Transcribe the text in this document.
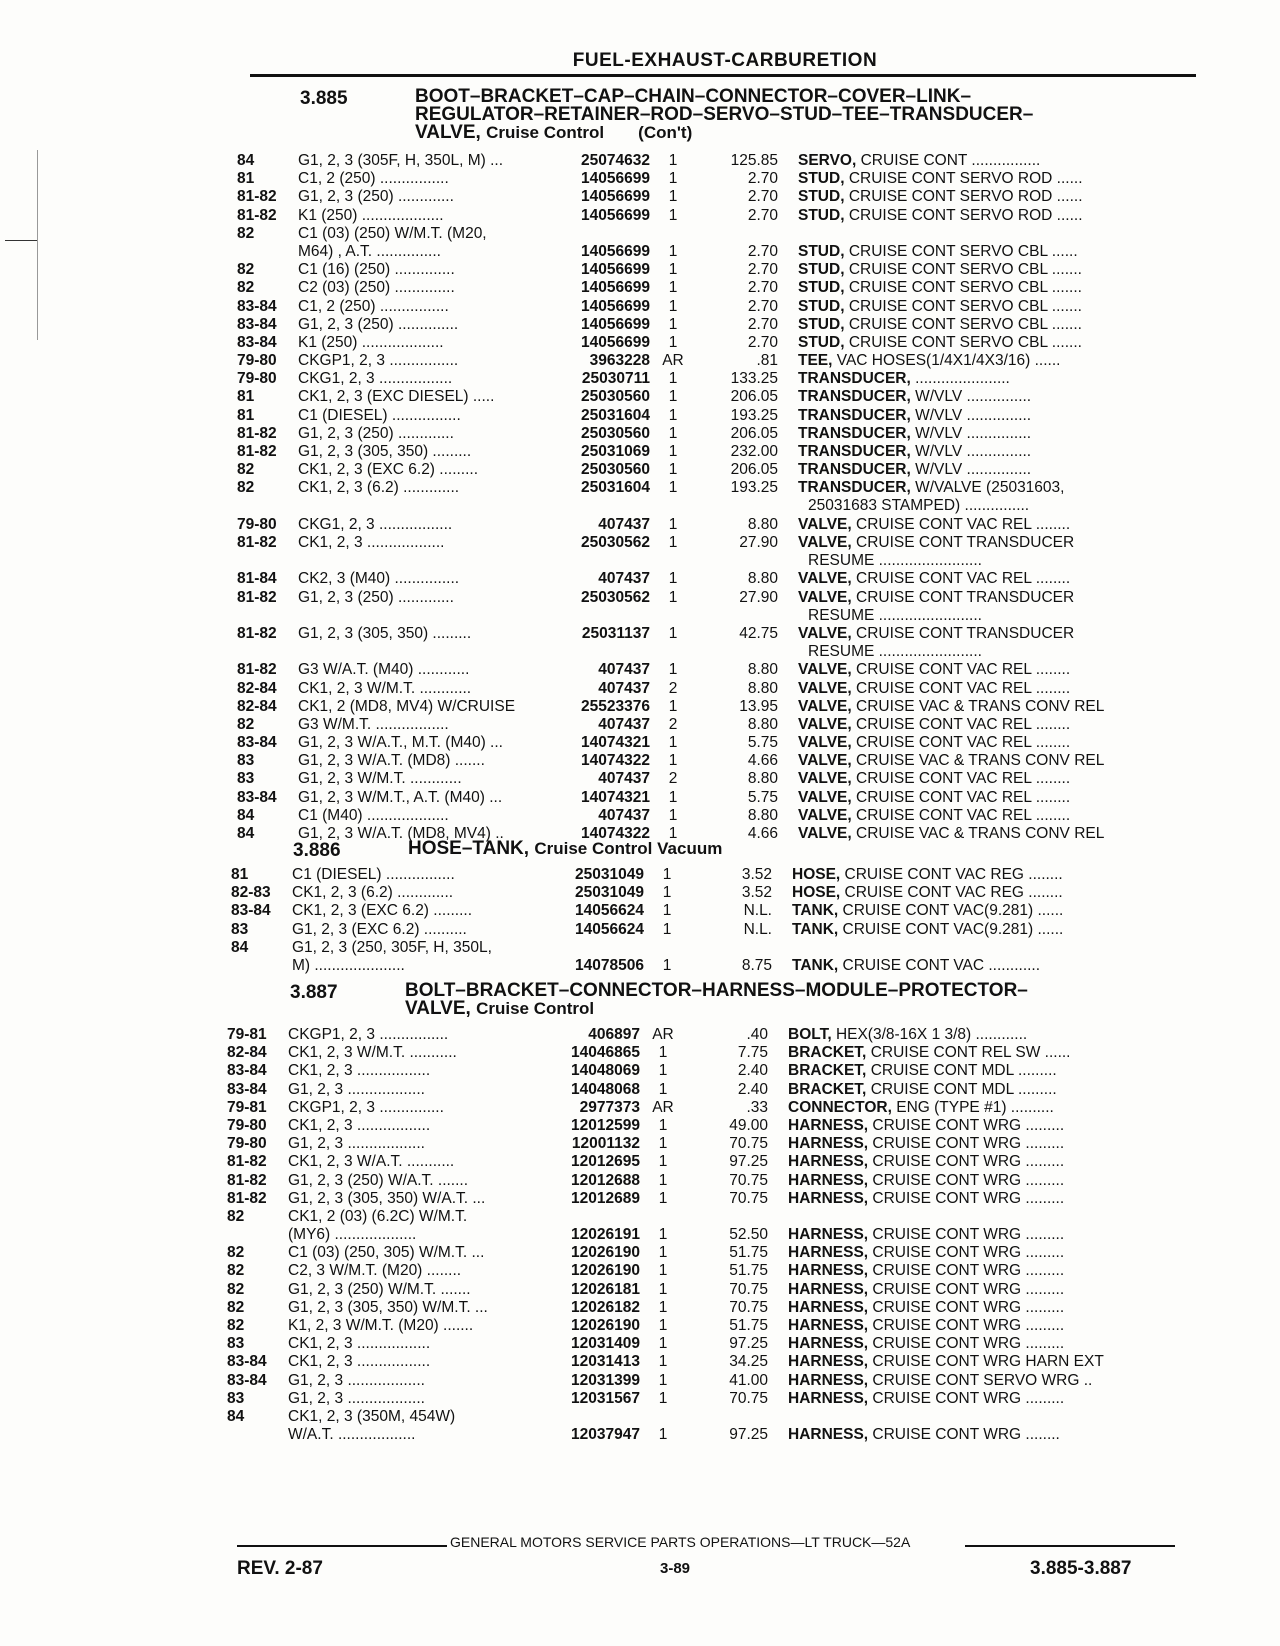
FUEL-EXHAUST-CARBURETION
3.885	BOOT–BRACKET–CAP–CHAIN–CONNECTOR–COVER–LINK–
REGULATOR–RETAINER–ROD–SERVO–STUD–TEE–TRANSDUCER–
VALVE, Cruise Control (Con't)
84	G1, 2, 3 (305F, H, 350L, M) ...	25074632	1	125.85 SERVO, CRUISE CONT ................
81	C1, 2 (250) ................	14056699	1	2.70 STUD, CRUISE CONT SERVO ROD ......
81-82 G1, 2, 3 (250) .............	14056699	1	2.70 STUD, CRUISE CONT SERVO ROD ......
81-82 K1 (250) ...................	14056699	1	2.70 STUD, CRUISE CONT SERVO ROD ......
82	C1 (03) (250) W/M.T. (M20,
M64) , A.T. ...............	14056699	1	2.70 STUD, CRUISE CONT SERVO CBL ......
82	C1 (16) (250) ..............	14056699	1	2.70 STUD, CRUISE CONT SERVO CBL .......
82	C2 (03) (250) ..............	14056699	1	2.70 STUD, CRUISE CONT SERVO CBL .......
83-84 C1, 2 (250) ................	14056699	1	2.70 STUD, CRUISE CONT SERVO CBL .......
83-84 G1, 2, 3 (250) ..............	14056699	1	2.70 STUD, CRUISE CONT SERVO CBL .......
83-84 K1 (250) ...................	14056699	1	2.70 STUD, CRUISE CONT SERVO CBL .......
79-80 CKGP1, 2, 3 ................	3963228 AR	.81 TEE, VAC HOSES(1/4X1/4X3/16) ......
79-80 CKG1, 2, 3 .................	25030711	1	133.25 TRANSDUCER, ......................
81	CK1, 2, 3 (EXC DIESEL) .....	25030560	1	206.05 TRANSDUCER, W/VLV ...............
81	C1 (DIESEL) ................	25031604	1	193.25 TRANSDUCER, W/VLV ...............
81-82 G1, 2, 3 (250) .............	25030560	1	206.05 TRANSDUCER, W/VLV ...............
81-82 G1, 2, 3 (305, 350) .........	25031069	1	232.00 TRANSDUCER, W/VLV ...............
82	CK1, 2, 3 (EXC 6.2) .........	25030560	1	206.05 TRANSDUCER, W/VLV ...............
82	CK1, 2, 3 (6.2) .............	25031604	1	193.25 TRANSDUCER, W/VALVE (25031603,
25031683 STAMPED) ...............
79-80 CKG1, 2, 3 .................	407437	1	8.80 VALVE, CRUISE CONT VAC REL ........
81-82 CK1, 2, 3 ..................	25030562	1	27.90 VALVE, CRUISE CONT TRANSDUCER
RESUME ........................
81-84 CK2, 3 (M40) ...............	407437	1	8.80 VALVE, CRUISE CONT VAC REL ........
81-82 G1, 2, 3 (250) .............	25030562	1	27.90 VALVE, CRUISE CONT TRANSDUCER
RESUME ........................
81-82 G1, 2, 3 (305, 350) .........	25031137	1	42.75 VALVE, CRUISE CONT TRANSDUCER
RESUME ........................
81-82 G3 W/A.T. (M40) ............	407437	1	8.80 VALVE, CRUISE CONT VAC REL ........
82-84 CK1, 2, 3 W/M.T. ............	407437	2	8.80 VALVE, CRUISE CONT VAC REL ........
82-84 CK1, 2 (MD8, MV4) W/CRUISE	25523376	1	13.95 VALVE, CRUISE VAC & TRANS CONV REL
82	G3 W/M.T. .................	407437	2	8.80 VALVE, CRUISE CONT VAC REL ........
83-84 G1, 2, 3 W/A.T., M.T. (M40) ...	14074321	1	5.75 VALVE, CRUISE CONT VAC REL ........
83	G1, 2, 3 W/A.T. (MD8) .......	14074322	1	4.66 VALVE, CRUISE VAC & TRANS CONV REL
83	G1, 2, 3 W/M.T. ............	407437	2	8.80 VALVE, CRUISE CONT VAC REL ........
83-84 G1, 2, 3 W/M.T., A.T. (M40) ...	14074321	1	5.75 VALVE, CRUISE CONT VAC REL ........
84	C1 (M40) ...................	407437	1	8.80 VALVE, CRUISE CONT VAC REL ........
84	G1, 2, 3 W/A.T. (MD8, MV4) ..	14074322	1	4.66 VALVE, CRUISE VAC & TRANS CONV REL
3.886	HOSE–TANK, Cruise Control Vacuum
81	C1 (DIESEL) ................	25031049	1	3.52 HOSE, CRUISE CONT VAC REG ........
82-83 CK1, 2, 3 (6.2) .............	25031049	1	3.52 HOSE, CRUISE CONT VAC REG ........
83-84 CK1, 2, 3 (EXC 6.2) .........	14056624	1	N.L. TANK, CRUISE CONT VAC(9.281) ......
83	G1, 2, 3 (EXC 6.2) ..........	14056624	1	N.L. TANK, CRUISE CONT VAC(9.281) ......
84	G1, 2, 3 (250, 305F, H, 350L,
M) .....................	14078506	1	8.75 TANK, CRUISE CONT VAC ............
3.887	BOLT–BRACKET–CONNECTOR–HARNESS–MODULE–PROTECTOR–
VALVE, Cruise Control
79-81 CKGP1, 2, 3 ................	406897 AR	.40 BOLT, HEX(3/8-16X 1 3/8) ............
82-84 CK1, 2, 3 W/M.T. ...........	14046865	1	7.75 BRACKET, CRUISE CONT REL SW ......
83-84 CK1, 2, 3 .................	14048069	1	2.40 BRACKET, CRUISE CONT MDL .........
83-84 G1, 2, 3 ..................	14048068	1	2.40 BRACKET, CRUISE CONT MDL .........
79-81 CKGP1, 2, 3 ...............	2977373 AR	.33 CONNECTOR, ENG (TYPE #1) ..........
79-80 CK1, 2, 3 .................	12012599	1	49.00 HARNESS, CRUISE CONT WRG .........
79-80 G1, 2, 3 ..................	12001132	1	70.75 HARNESS, CRUISE CONT WRG .........
81-82 CK1, 2, 3 W/A.T. ...........	12012695	1	97.25 HARNESS, CRUISE CONT WRG .........
81-82 G1, 2, 3 (250) W/A.T. .......	12012688	1	70.75 HARNESS, CRUISE CONT WRG .........
81-82 G1, 2, 3 (305, 350) W/A.T. ...	12012689	1	70.75 HARNESS, CRUISE CONT WRG .........
82	CK1, 2 (03) (6.2C) W/M.T.
(MY6) ...................	12026191	1	52.50 HARNESS, CRUISE CONT WRG .........
82	C1 (03) (250, 305) W/M.T. ...	12026190	1	51.75 HARNESS, CRUISE CONT WRG .........
82	C2, 3 W/M.T. (M20) ........	12026190	1	51.75 HARNESS, CRUISE CONT WRG .........
82	G1, 2, 3 (250) W/M.T. .......	12026181	1	70.75 HARNESS, CRUISE CONT WRG .........
82	G1, 2, 3 (305, 350) W/M.T. ...	12026182	1	70.75 HARNESS, CRUISE CONT WRG .........
82	K1, 2, 3 W/M.T. (M20) .......	12026190	1	51.75 HARNESS, CRUISE CONT WRG .........
83	CK1, 2, 3 .................	12031409	1	97.25 HARNESS, CRUISE CONT WRG .........
83-84 CK1, 2, 3 .................	12031413	1	34.25 HARNESS, CRUISE CONT WRG HARN EXT
83-84 G1, 2, 3 ..................	12031399	1	41.00 HARNESS, CRUISE CONT SERVO WRG ..
83	G1, 2, 3 ..................	12031567	1	70.75 HARNESS, CRUISE CONT WRG .........
84	CK1, 2, 3 (350M, 454W)
W/A.T. ..................	12037947	1	97.25 HARNESS, CRUISE CONT WRG ........
GENERAL MOTORS SERVICE PARTS OPERATIONS—LT TRUCK—52A
REV. 2-87	3-89	3.885-3.887
